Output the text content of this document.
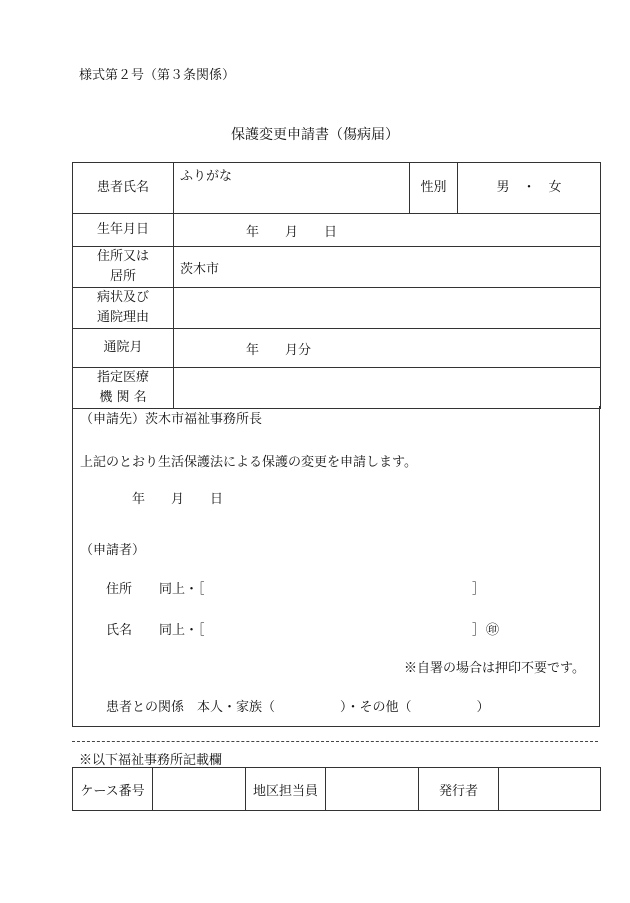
様式第２号（第３条関係）
保護変更申請書（傷病届）
患者氏名	ふりがな	性別	男　・　女
生年月日	年　　月　　日		

住所又は
居所	茨木市		

病状及び
通院理由			

通院月	年　　月分		

指定医療
機 関 名			

（申請先）茨木市福祉事務所長
上記のとおり生活保護法による保護の変更を申請します。
年　　月　　日
（申請者）
住所 同上・［	］
氏名 同上・［	］ ㊞
※自署の場合は押印不要です。
患者との関係　本人・家族（　　　　　）・その他（　　　　　）
※以下福祉事務所記載欄
ケース番号		地区担当員		発行者	
